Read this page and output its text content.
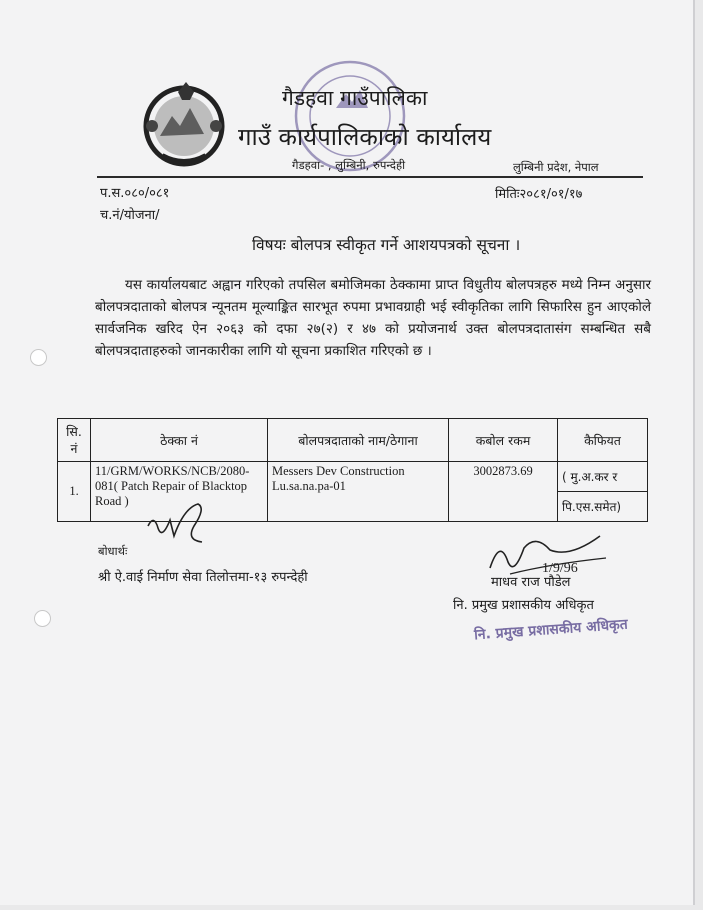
गैडहवा गाउँपालिका
गाउँ कार्यपालिकाको कार्यालय
गैडहवा- , लुम्बिनी, रुपन्देही	लुम्बिनी प्रदेश, नेपाल
प.स.०८०/०८१
च.नं/योजना/
मितिः२०८१/०१/१७
विषयः बोलपत्र स्वीकृत गर्ने आशयपत्रको सूचना ।

यस कार्यालयबाट अह्वान गरिएको तपसिल बमोजिमका ठेक्कामा प्राप्त विधुतीय बोलपत्रहरु मध्ये निम्न अनुसार बोलपत्रदाताको बोलपत्र न्यूनतम मूल्याङ्कित सारभूत रुपमा प्रभावग्राही भई स्वीकृतिका लागि सिफारिस हुन आएकोले सार्वजनिक खरिद ऐन २०६३ को दफा २७(२) र ४७ को प्रयोजनार्थ उक्त बोलपत्रदातासंग सम्बन्धित सबै बोलपत्रदाताहरुको जानकारीका लागि यो सूचना प्रकाशित गरिएको छ ।

सि. नं	ठेक्का नं	बोलपत्रदाताको नाम/ठेगाना	कबोल रकम	कैफियत
1.	11/GRM/WORKS/NCB/2080-081( Patch Repair of Blacktop Road )	Messers Dev Construction Lu.sa.na.pa-01	3002873.69	( मु.अ.कर र
पि.एस.समेत)
बोधार्थः
श्री ऐ.वाई निर्माण सेवा तिलोत्तमा-१३ रुपन्देही
1/9/96
माधव राज पौडेल
नि. प्रमुख प्रशासकीय अधिकृत
नि. प्रमुख प्रशासकीय अधिकृत
